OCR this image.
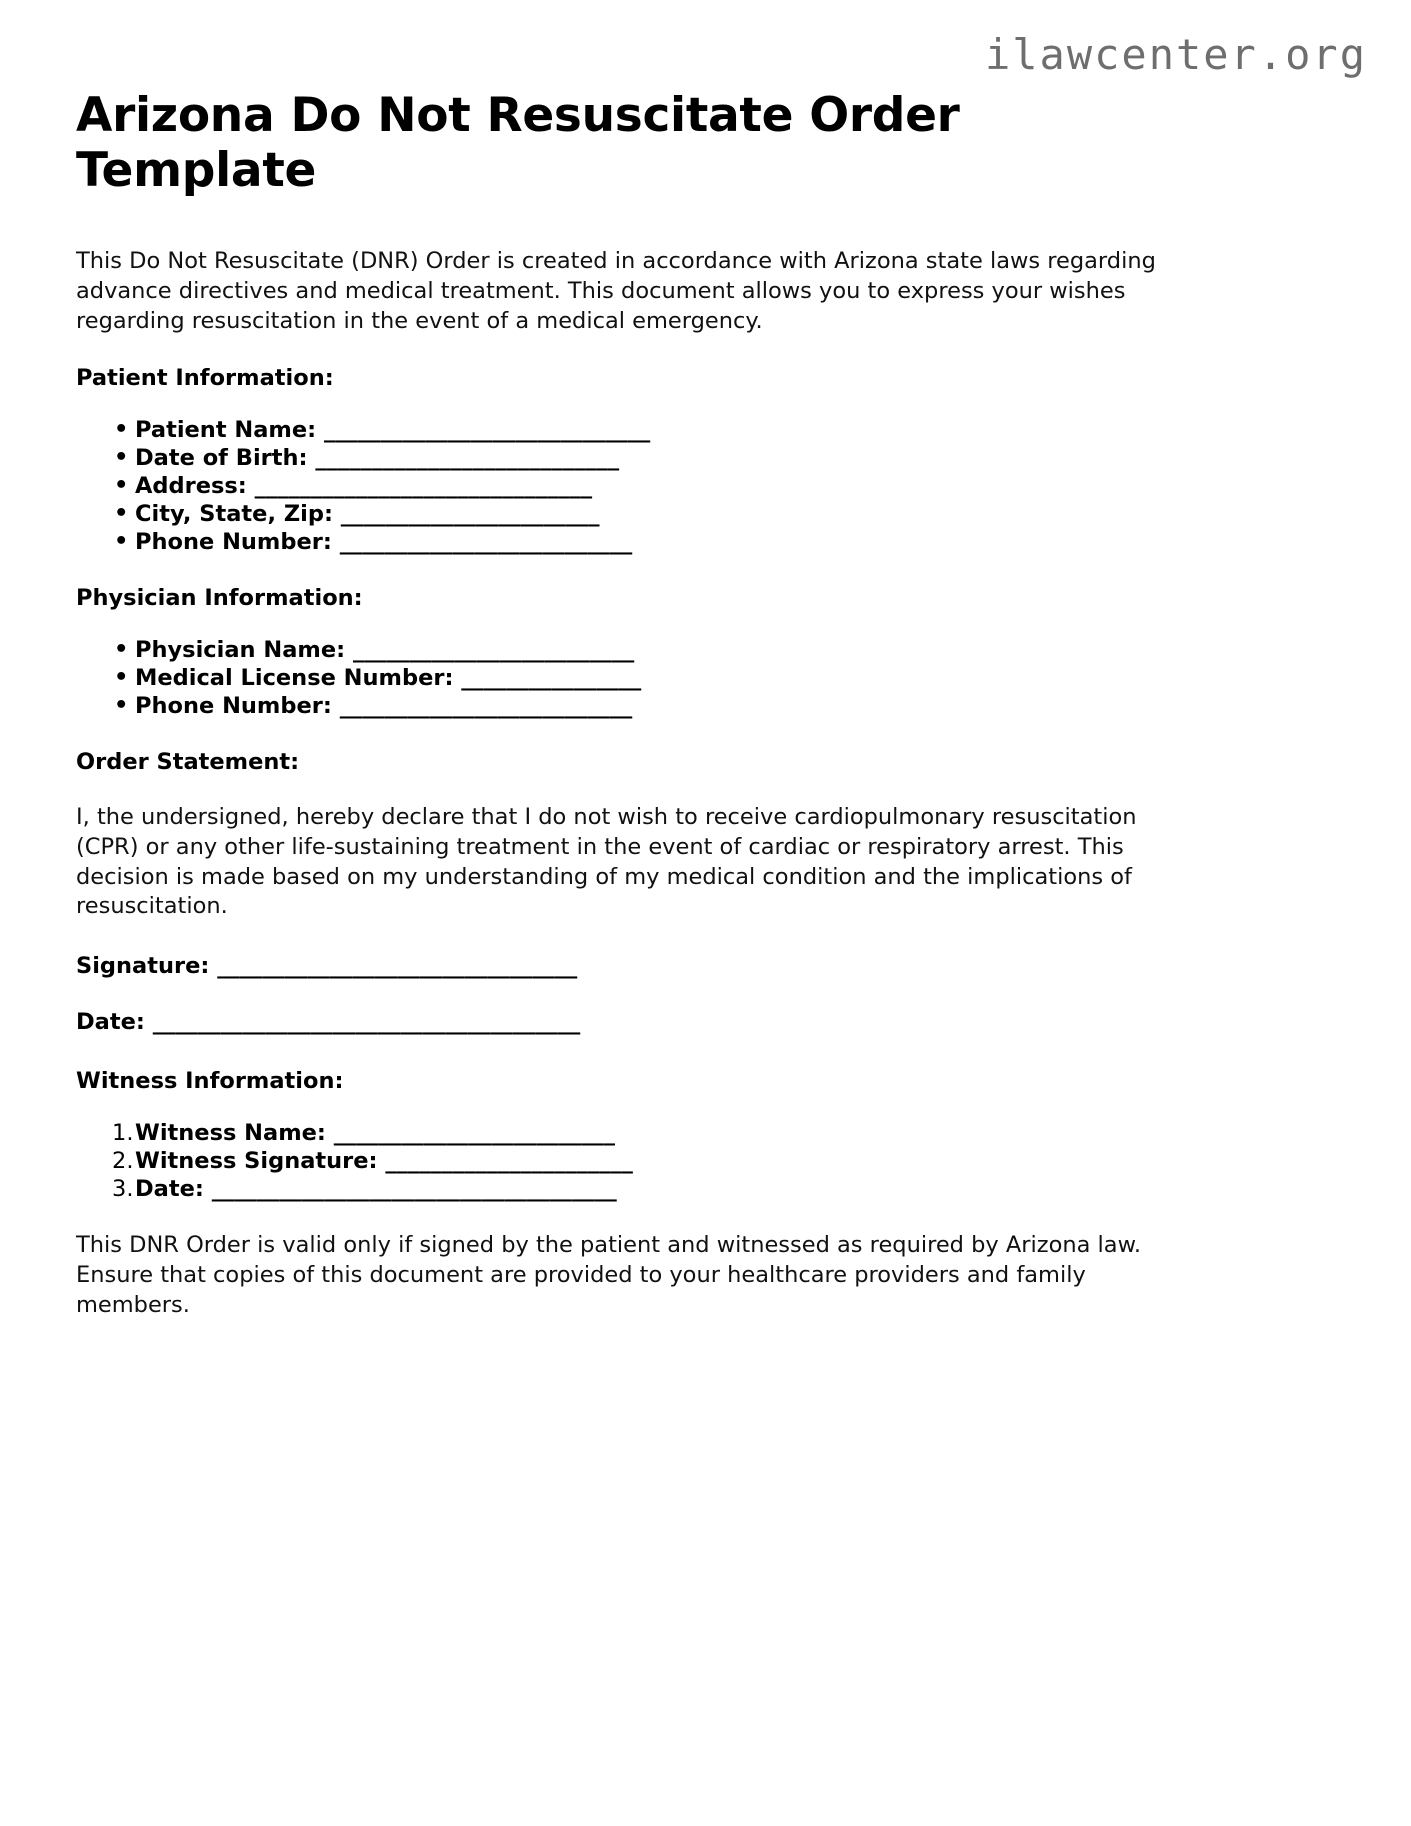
ilawcenter.org
Arizona Do Not Resuscitate Order Template

This Do Not Resuscitate (DNR) Order is created in accordance with Arizona state laws regarding advance directives and medical treatment. This document allows you to express your wishes regarding resuscitation in the event of a medical emergency.

Patient Information:
• Patient Name: _____________________________
• Date of Birth: ___________________________
• Address: ______________________________
• City, State, Zip: _______________________
• Phone Number: __________________________
Physician Information:
• Physician Name: _________________________
• Medical License Number: ________________
• Phone Number: __________________________
Order Statement:

I, the undersigned, hereby declare that I do not wish to receive cardiopulmonary resuscitation (CPR) or any other life-sustaining treatment in the event of cardiac or respiratory arrest. This decision is made based on my understanding of my medical condition and the implications of resuscitation.

Signature: ________________________________
Date: ______________________________________
Witness Information:
1. Witness Name: _________________________
2. Witness Signature: ______________________
3. Date: ____________________________________

This DNR Order is valid only if signed by the patient and witnessed as required by Arizona law. Ensure that copies of this document are provided to your healthcare providers and family members.
